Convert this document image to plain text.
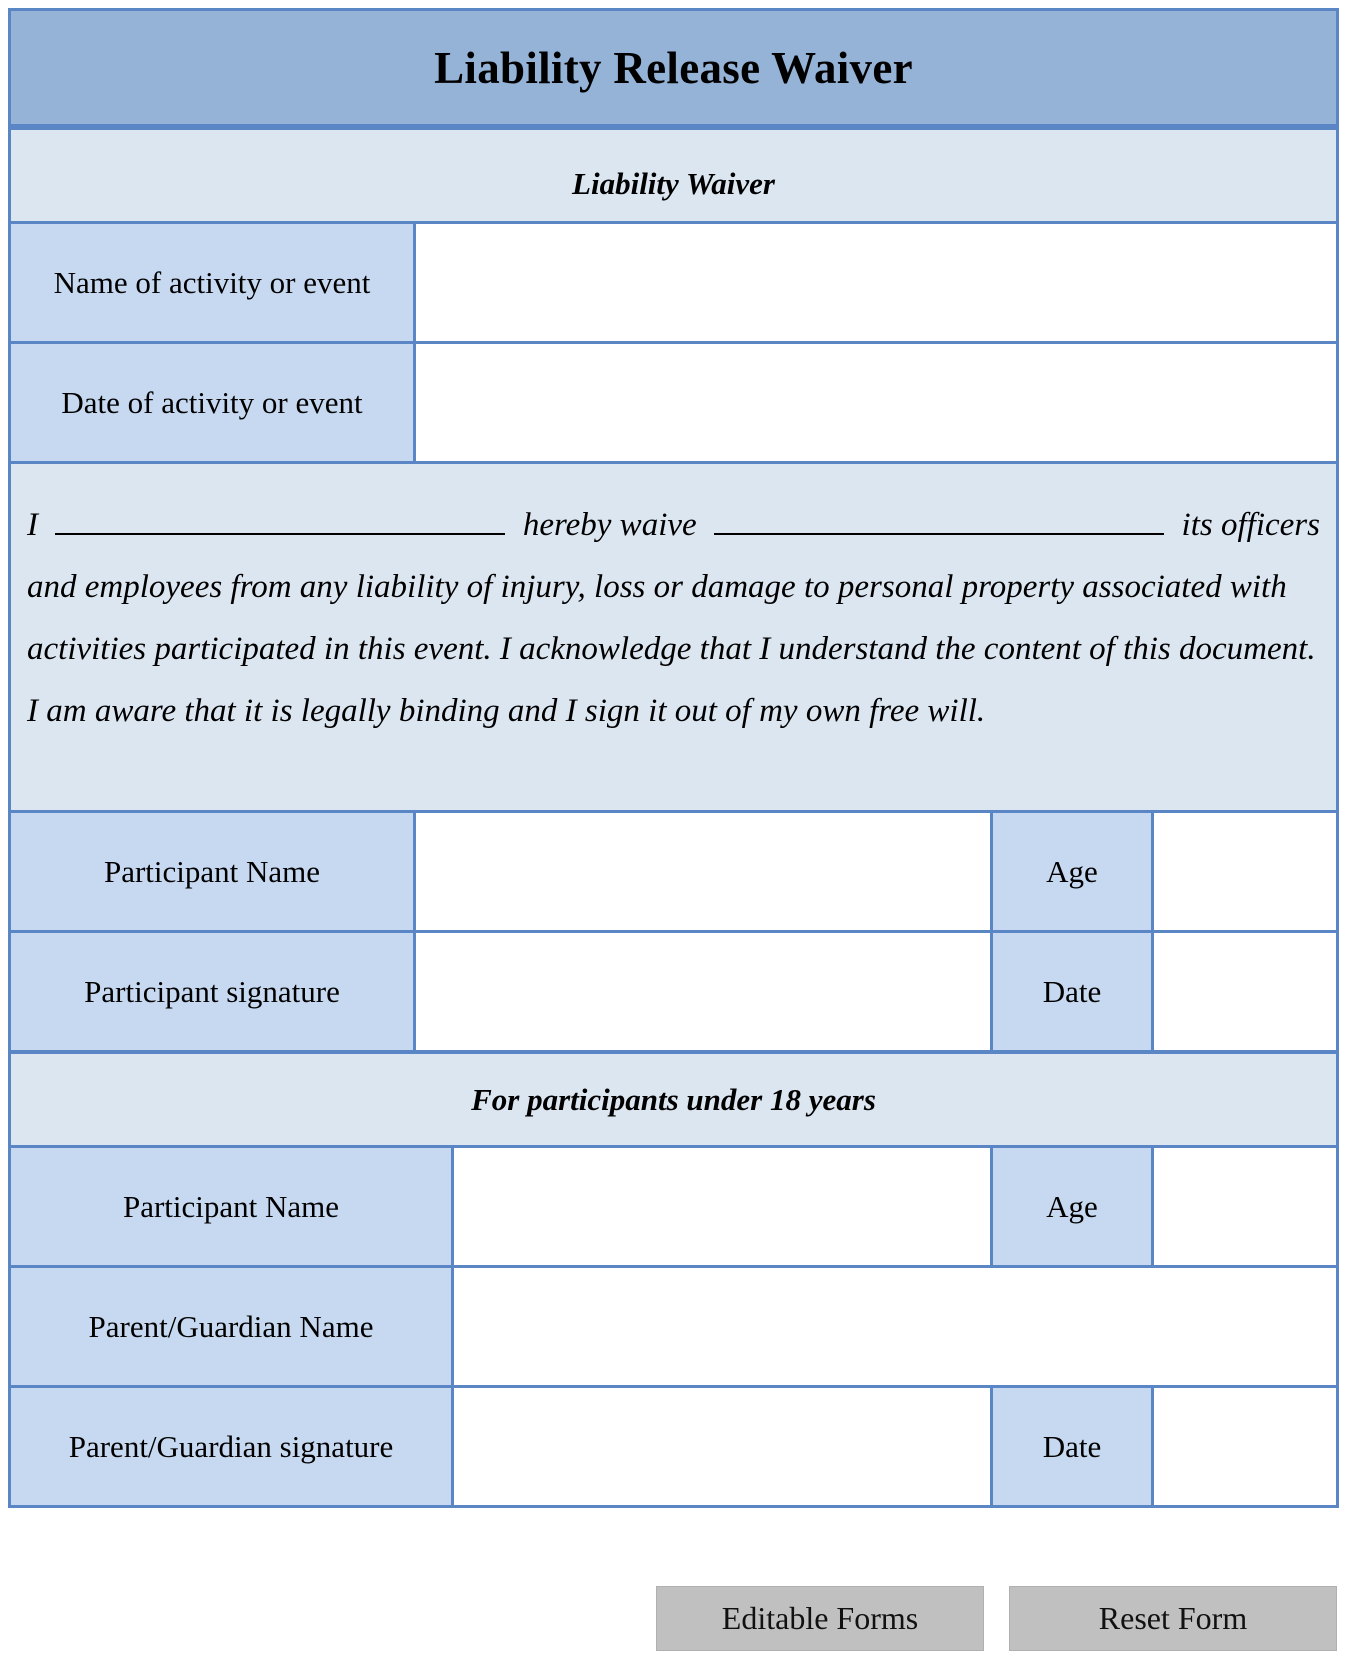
Liability Release Waiver
Liability Waiver
Name of activity or event
Date of activity or event
I	hereby waive	its officers
and employees from any liability of injury, loss or damage to personal property associated with activities participated in this event. I acknowledge that I understand the content of this document. I am aware that it is legally binding and I sign it out of my own free will.
Participant Name	Age
Participant signature	Date
For participants under 18 years
Participant Name	Age
Parent/Guardian Name
Parent/Guardian signature	Date
Editable Forms	Reset Form
